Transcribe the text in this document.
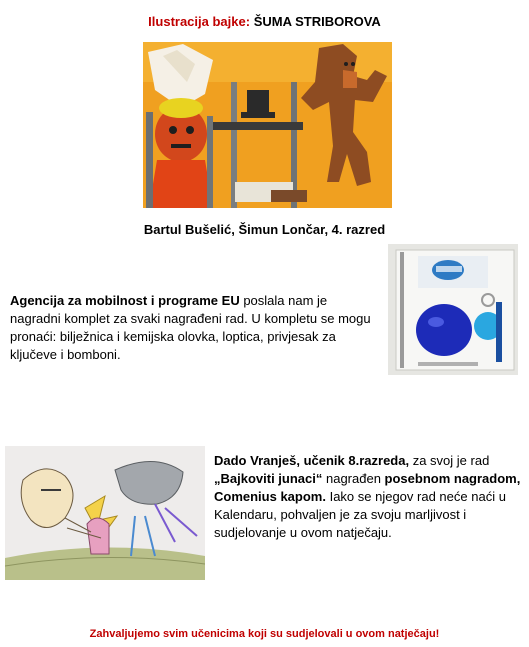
Ilustracija bajke: ŠUMA STRIBOROVA
Bartul Bušelić, Šimun Lončar, 4. razred
Agencija za mobilnost i programe EU poslala nam je nagradni komplet za svaki nagrađeni rad. U kompletu se mogu pronaći: bilježnica i kemijska olovka, loptica, privjesak za ključeve i bomboni.
Dado Vranješ, učenik 8.razreda, za svoj je rad „Bajkoviti junaci“ nagrađen posebnom nagradom, Comenius kapom. Iako se njegov rad neće naći u Kalendaru, pohvaljen je za svoju marljivost i sudjelovanje u ovom natječaju.
Zahvaljujemo svim učenicima koji su sudjelovali u ovom natječaju!
